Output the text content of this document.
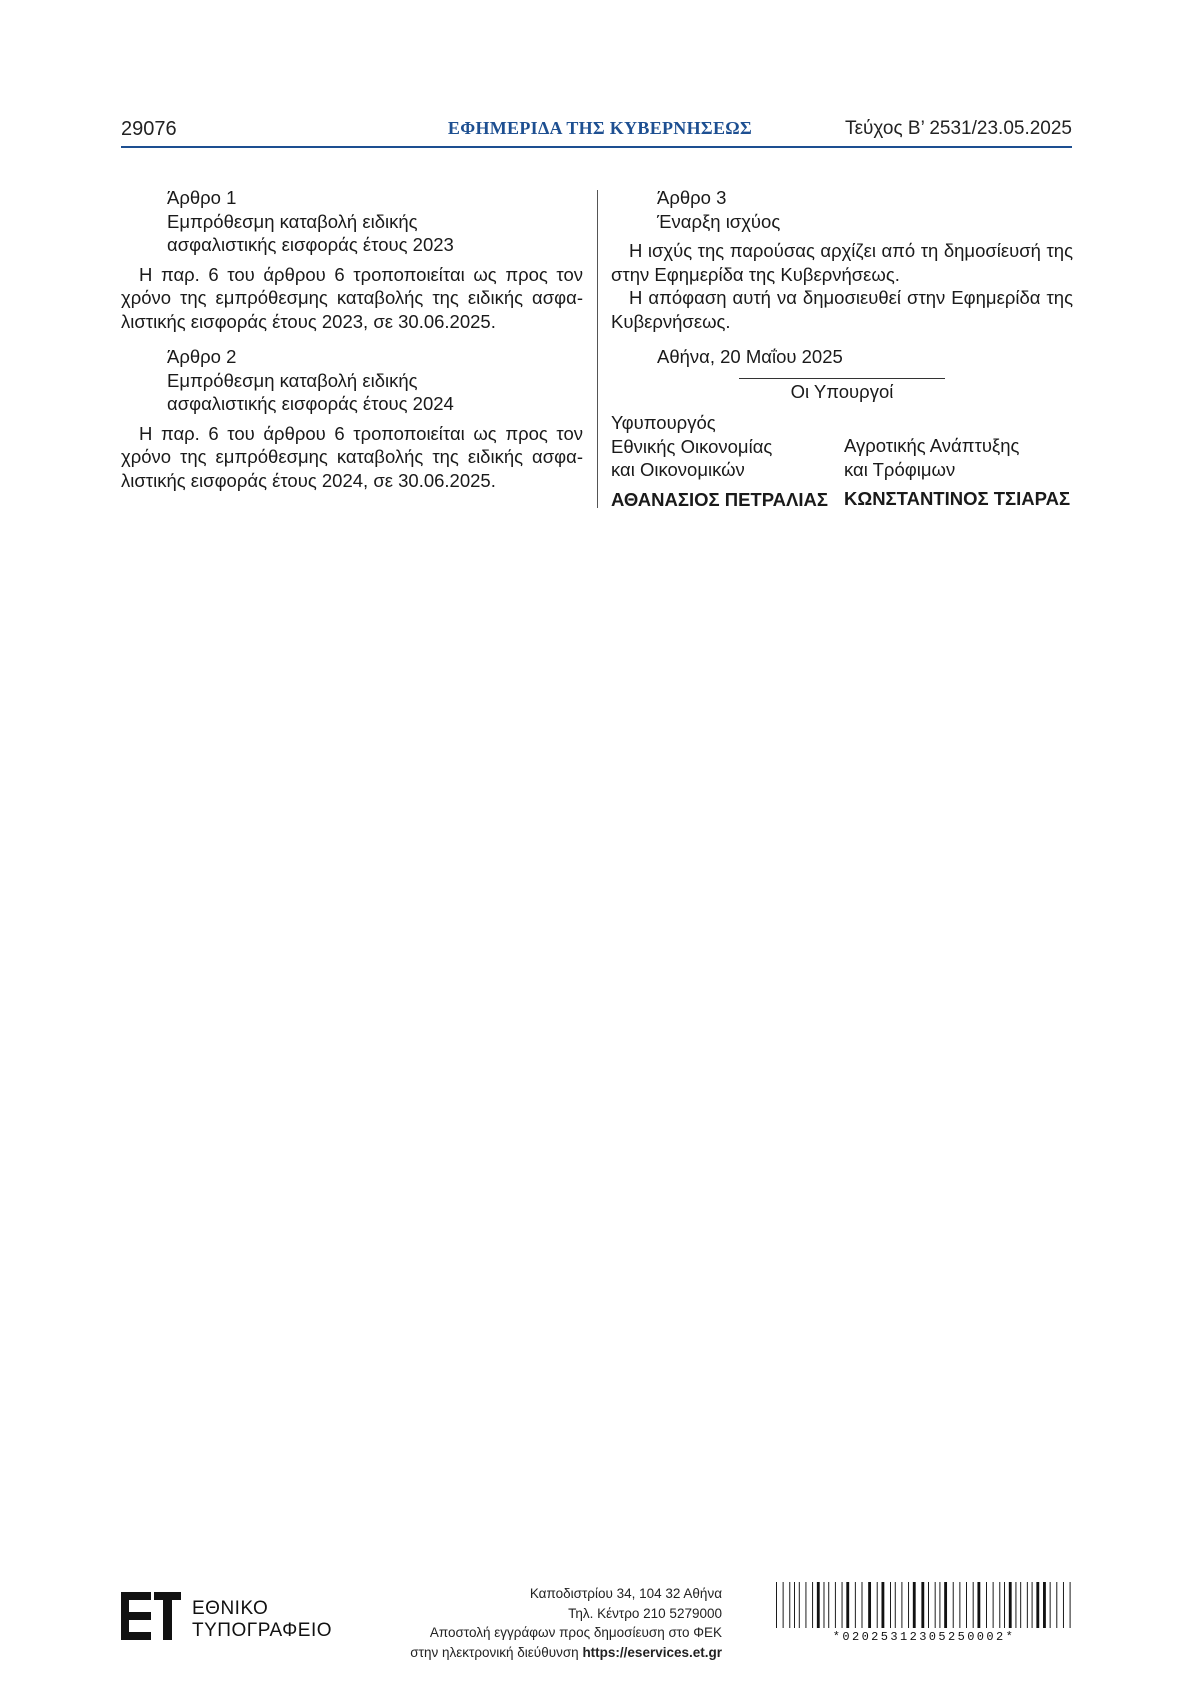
29076	ΕΦΗΜΕΡΙΔΑ ΤΗΣ ΚΥΒΕΡΝΗΣΕΩΣ	Τεύχος Β’ 2531/23.05.2025
Άρθρο 1
Εμπρόθεσμη καταβολή ειδικής
ασφαλιστικής εισφοράς έτους 2023
Η παρ. 6 του άρθρου 6 τροποποιείται ως προς τον
χρόνο της εμπρόθεσμης καταβολής της ειδικής ασφα-
λιστικής εισφοράς έτους 2023, σε 30.06.2025.
Άρθρο 2
Εμπρόθεσμη καταβολή ειδικής
ασφαλιστικής εισφοράς έτους 2024
Η παρ. 6 του άρθρου 6 τροποποιείται ως προς τον
χρόνο της εμπρόθεσμης καταβολής της ειδικής ασφα-
λιστικής εισφοράς έτους 2024, σε 30.06.2025.
Άρθρο 3
Έναρξη ισχύος
Η ισχύς της παρούσας αρχίζει από τη δημοσίευσή της
στην Εφημερίδα της Κυβερνήσεως.
Η απόφαση αυτή να δημοσιευθεί στην Εφημερίδα της
Κυβερνήσεως.
Αθήνα, 20 Μαΐου 2025
Οι Υπουργοί
Υφυπουργός
Εθνικής Οικονομίας
και Οικονομικών
ΑΘΑΝΑΣΙΟΣ ΠΕΤΡΑΛΙΑΣ
Αγροτικής Ανάπτυξης
και Τρόφιμων
ΚΩΝΣΤΑΝΤΙΝΟΣ ΤΣΙΑΡΑΣ
ΕΘΝΙΚΟ
ΤΥΠΟΓΡΑΦΕΙΟ
Καποδιστρίου 34, 104 32 Αθήνα
Τηλ. Κέντρο 210 5279000
Αποστολή εγγράφων προς δημοσίευση στο ΦΕΚ
στην ηλεκτρονική διεύθυνση https://eservices.et.gr
*02025312305250002*
